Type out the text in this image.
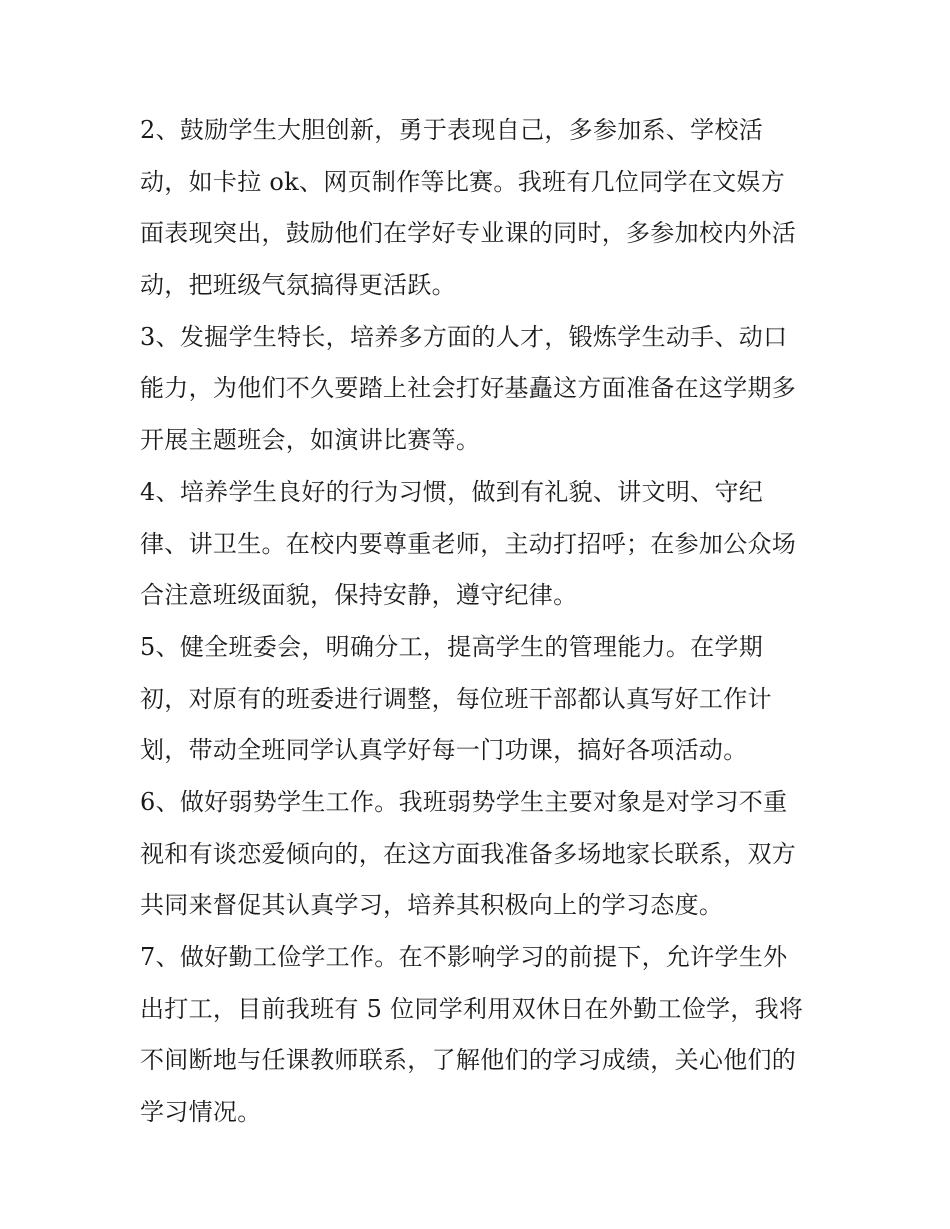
2、鼓励学生大胆创新，勇于表现自己，多参加系、学校活
动，如卡拉 ok、网页制作等比赛。我班有几位同学在文娱方
面表现突出，鼓励他们在学好专业课的同时，多参加校内外活
动，把班级气氛搞得更活跃。
3、发掘学生特长，培养多方面的人才，锻炼学生动手、动口
能力，为他们不久要踏上社会打好基矗这方面准备在这学期多
开展主题班会，如演讲比赛等。
4、培养学生良好的行为习惯，做到有礼貌、讲文明、守纪
律、讲卫生。在校内要尊重老师，主动打招呼；在参加公众场
合注意班级面貌，保持安静，遵守纪律。
5、健全班委会，明确分工，提高学生的管理能力。在学期
初，对原有的班委进行调整，每位班干部都认真写好工作计
划，带动全班同学认真学好每一门功课，搞好各项活动。
6、做好弱势学生工作。我班弱势学生主要对象是对学习不重
视和有谈恋爱倾向的，在这方面我准备多场地家长联系，双方
共同来督促其认真学习，培养其积极向上的学习态度。
7、做好勤工俭学工作。在不影响学习的前提下，允许学生外
出打工，目前我班有 5 位同学利用双休日在外勤工俭学，我将
不间断地与任课教师联系，了解他们的学习成绩，关心他们的
学习情况。
